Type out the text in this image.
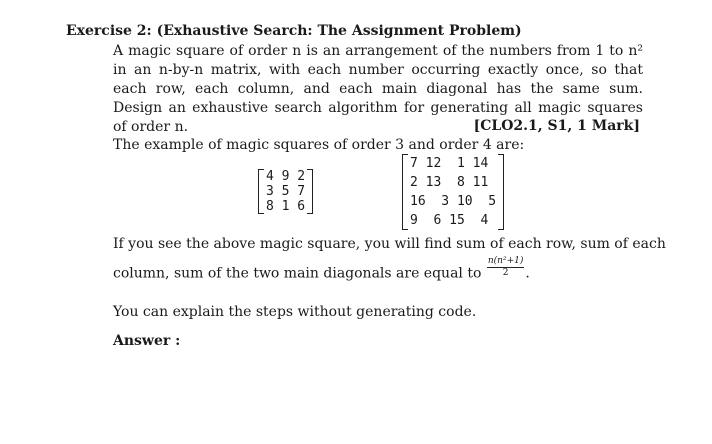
Exercise 2: (Exhaustive Search: The Assignment Problem)
A magic square of order n is an arrangement of the numbers from 1 to n² in an n-by-n matrix, with each number occurring exactly once, so that each row, each column, and each main diagonal has the same sum. Design an exhaustive search algorithm for generating all magic squares of order n.	[CLO2.1, S1, 1 Mark]
The example of magic squares of order 3 and order 4 are:
4 9 2
3 5 7
8 1 6
7 12  1 14
2 13  8 11
16  3 10  5
9  6 15  4
If you see the above magic square, you will find sum of each row, sum of each
column, sum of the two main diagonals are equal to $\frac{\text{n(n²+1)}}{2}$ .
You can explain the steps without generating code.
Answer :
